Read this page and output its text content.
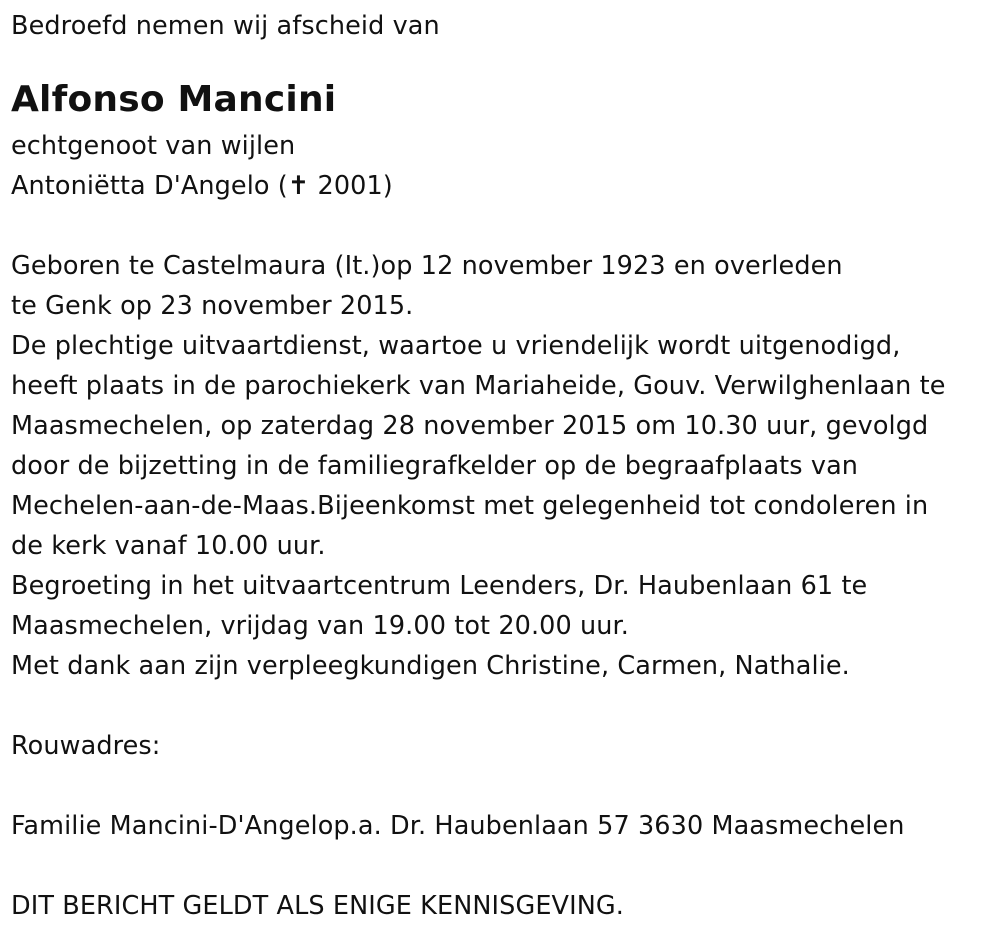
Bedroefd nemen wij afscheid van
Alfonso Mancini
echtgenoot van wijlen
Antoniëtta D'Angelo (✝ 2001)
Geboren te Castelmaura (It.)op 12 november 1923 en overleden
te Genk op 23 november 2015.
De plechtige uitvaartdienst, waartoe u vriendelijk wordt uitgenodigd,
heeft plaats in de parochiekerk van Mariaheide, Gouv. Verwilghenlaan te
Maasmechelen, op zaterdag 28 november 2015 om 10.30 uur, gevolgd
door de bijzetting in de familiegrafkelder op de begraafplaats van
Mechelen-aan-de-Maas.Bijeenkomst met gelegenheid tot condoleren in
de kerk vanaf 10.00 uur.
Begroeting in het uitvaartcentrum Leenders, Dr. Haubenlaan 61 te
Maasmechelen, vrijdag van 19.00 tot 20.00 uur.
Met dank aan zijn verpleegkundigen Christine, Carmen, Nathalie.
Rouwadres:
Familie Mancini-D'Angelop.a. Dr. Haubenlaan 57 3630 Maasmechelen
DIT BERICHT GELDT ALS ENIGE KENNISGEVING.
